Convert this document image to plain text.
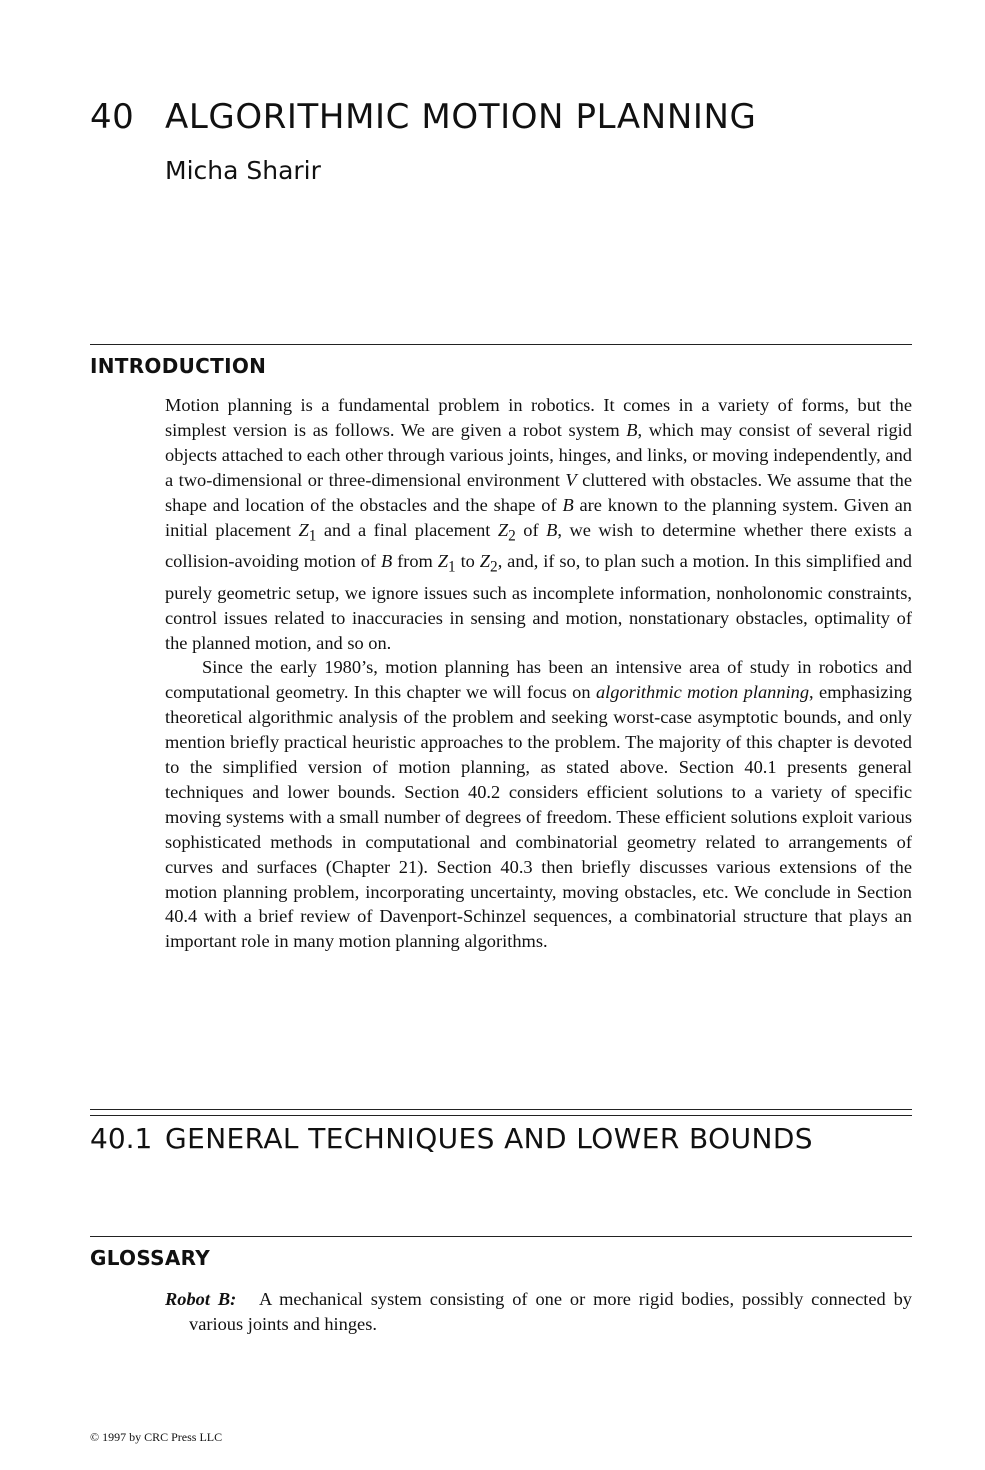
40 ALGORITHMIC MOTION PLANNING
Micha Sharir
INTRODUCTION

Motion planning is a fundamental problem in robotics. It comes in a variety of forms, but the simplest version is as follows. We are given a robot system B, which may consist of several rigid objects attached to each other through various joints, hinges, and links, or moving independently, and a two-dimensional or three-dimensional environment V cluttered with obstacles. We assume that the shape and location of the obstacles and the shape of B are known to the planning system. Given an initial placement $Z_1$ and a final placement $Z_2$ of B, we wish to determine whether there exists a collision-avoiding motion of B from $Z_1$ to $Z_2$, and, if so, to plan such a motion. In this simplified and purely geometric setup, we ignore issues such as incomplete information, nonholonomic constraints, control issues related to inaccuracies in sensing and motion, nonstationary obstacles, optimality of the planned motion, and so on.

Since the early 1980’s, motion planning has been an intensive area of study in robotics and computational geometry. In this chapter we will focus on algorithmic motion planning, emphasizing theoretical algorithmic analysis of the problem and seeking worst-case asymptotic bounds, and only mention briefly practical heuristic approaches to the problem. The majority of this chapter is devoted to the simplified version of motion planning, as stated above. Section 40.1 presents general techniques and lower bounds. Section 40.2 considers efficient solutions to a variety of specific moving systems with a small number of degrees of freedom. These efficient solutions exploit various sophisticated methods in computational and combinatorial geometry related to arrangements of curves and surfaces (Chapter 21). Section 40.3 then briefly discusses various extensions of the motion planning problem, incorporating uncertainty, moving obstacles, etc. We conclude in Section 40.4 with a brief review of Davenport-Schinzel sequences, a combinatorial structure that plays an important role in many motion planning algorithms.

40.1 GENERAL TECHNIQUES AND LOWER BOUNDS
GLOSSARY
Robot B: A mechanical system consisting of one or more rigid bodies, possibly connected by various joints and hinges.
© 1997 by CRC Press LLC
